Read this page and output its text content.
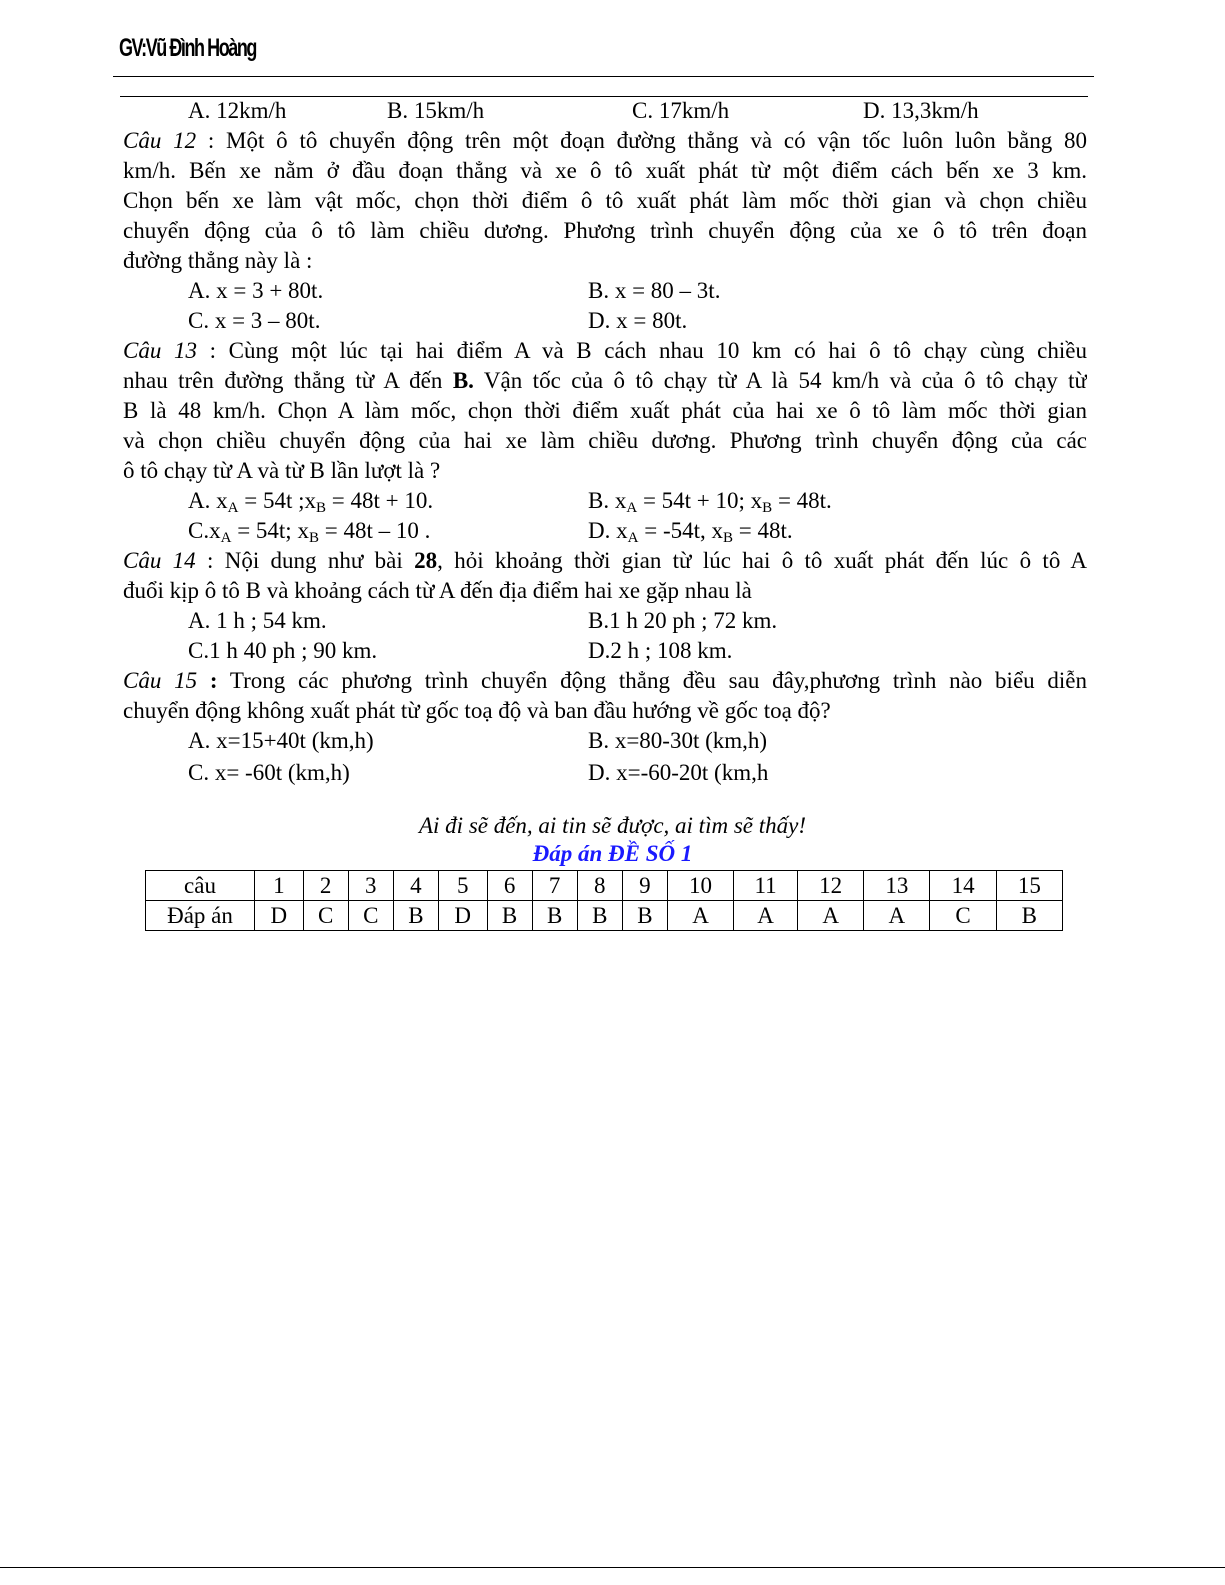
GV:Vũ Đình Hoàng
A. 12km/h	B. 15km/h	C. 17km/h	D. 13,3km/h
Câu 12 : Một ô tô chuyển động trên một đoạn đường thẳng và có vận tốc luôn luôn bằng 80
km/h. Bến xe nằm ở đầu đoạn thẳng và xe ô tô xuất phát từ một điểm cách bến xe 3 km.
Chọn bến xe làm vật mốc, chọn thời điểm ô tô xuất phát làm mốc thời gian và chọn chiều
chuyển động của ô tô làm chiều dương. Phương trình chuyển động của xe ô tô trên đoạn
đường thẳng này là :
A. x = 3 + 80t.	B. x = 80 – 3t.
C. x = 3 – 80t.	D. x = 80t.
Câu 13 : Cùng một lúc tại hai điểm A và B cách nhau 10 km có hai ô tô chạy cùng chiều
nhau trên đường thẳng từ A đến B. Vận tốc của ô tô chạy từ A là 54 km/h và của ô tô chạy từ
B là 48 km/h. Chọn A làm mốc, chọn thời điểm xuất phát của hai xe ô tô làm mốc thời gian
và chọn chiều chuyển động của hai xe làm chiều dương. Phương trình chuyển động của các
ô tô chạy từ A và từ B lần lượt là ?
A. $x_A = 54t$ $;x_B = 48t + 10$.	B. $x_A = 54t + 10$; $x_B = 48t$.
$C.x_A = 54t$; $x_B = 48t - 10$ .	D. $x_A = -54t$, $x_B = 48t$.
Câu 14 : Nội dung như bài 28, hỏi khoảng thời gian từ lúc hai ô tô xuất phát đến lúc ô tô A
đuổi kịp ô tô B và khoảng cách từ A đến địa điểm hai xe gặp nhau là
A. 1 h ; 54 km.	B.1 h 20 ph ; 72 km.
C.1 h 40 ph ; 90 km.	D.2 h ; 108 km.
Câu 15 : Trong các phương trình chuyển động thẳng đều sau đây,phương trình nào biểu diễn
chuyển động không xuất phát từ gốc toạ độ và ban đầu hướng về gốc toạ độ?
A. x=15+40t (km,h)	B. x=80-30t (km,h)
C. x= -60t (km,h)	D. x=-60-20t (km,h
Ai đi sẽ đến, ai tin sẽ được, ai tìm sẽ thấy!
Đáp án ĐỀ SỐ 1
câu	1	2	3	4	5	6	7	8	9	10	11	12	13	14	15
Đáp án	D	C	C	B	D	B	B	B	B	A	A	A	A	C	B
